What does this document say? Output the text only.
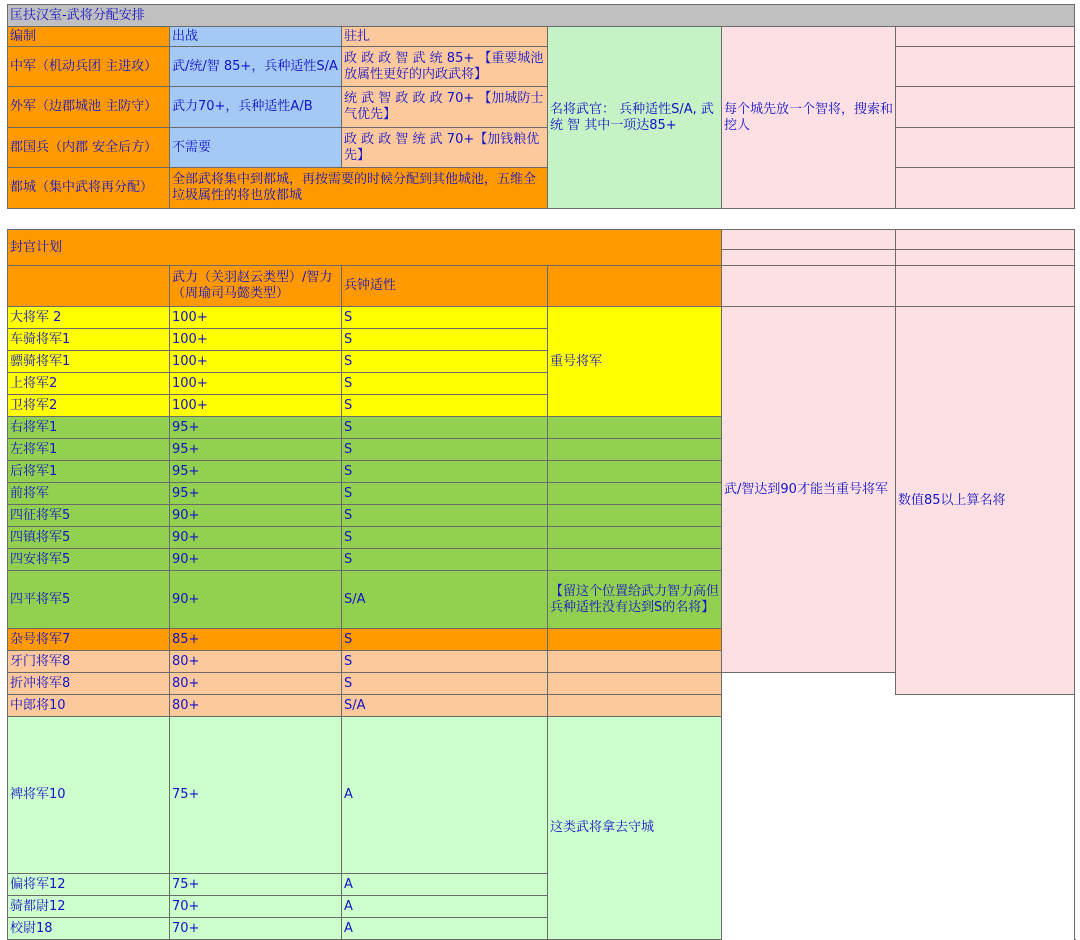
匡扶汉室-武将分配安排					
编制	出战	驻扎	名将武官： 兵种适性S/A, 武 统 智 其中一项达85+	每个城先放一个智将，搜索和挖人	
中军（机动兵团 主进攻）	武/统/智 85+，兵种适性S/A	政 政 政 智 武 统 85+ 【重要城池放属性更好的内政武将】			
外军（边郡城池 主防守）	武力70+，兵种适性A/B	统 武 智 政 政 政 70+ 【加城防士气优先】			
郡国兵（内郡 安全后方）	不需要	政 政 政 智 统 武 70+【加钱粮优先】			
都城（集中武将再分配）	全部武将集中到都城，再按需要的时候分配到其他城池，五维全垃圾属性的将也放都城				
封官计划						

	武力（关羽赵云类型）/智力（周瑜司马懿类型）	兵钟适性				
大将军 2	100+	S	重号将军	武/智达到90才能当重号将军	数值85以上算名将	
车骑将军1	100+	S				
骠骑将军1	100+	S				
上将军2	100+	S				
卫将军2	100+	S				
右将军1	95+	S				
左将军1	95+	S				
后将军1	95+	S				
前将军	95+	S				
四征将军5	90+	S				
四镇将军5	90+	S				
四安将军5	90+	S				
四平将军5	90+	S/A	【留这个位置给武力智力高但兵种适性没有达到S的名将】			
杂号将军7	85+	S				
牙门将军8	80+	S		
折冲将军8	80+	S				
中郎将10	80+	S/A				
裨将军10	75+	A	这类武将拿去守城			
偏将军12	75+	A				
骑都尉12	70+	A				
校尉18	70+	A				
